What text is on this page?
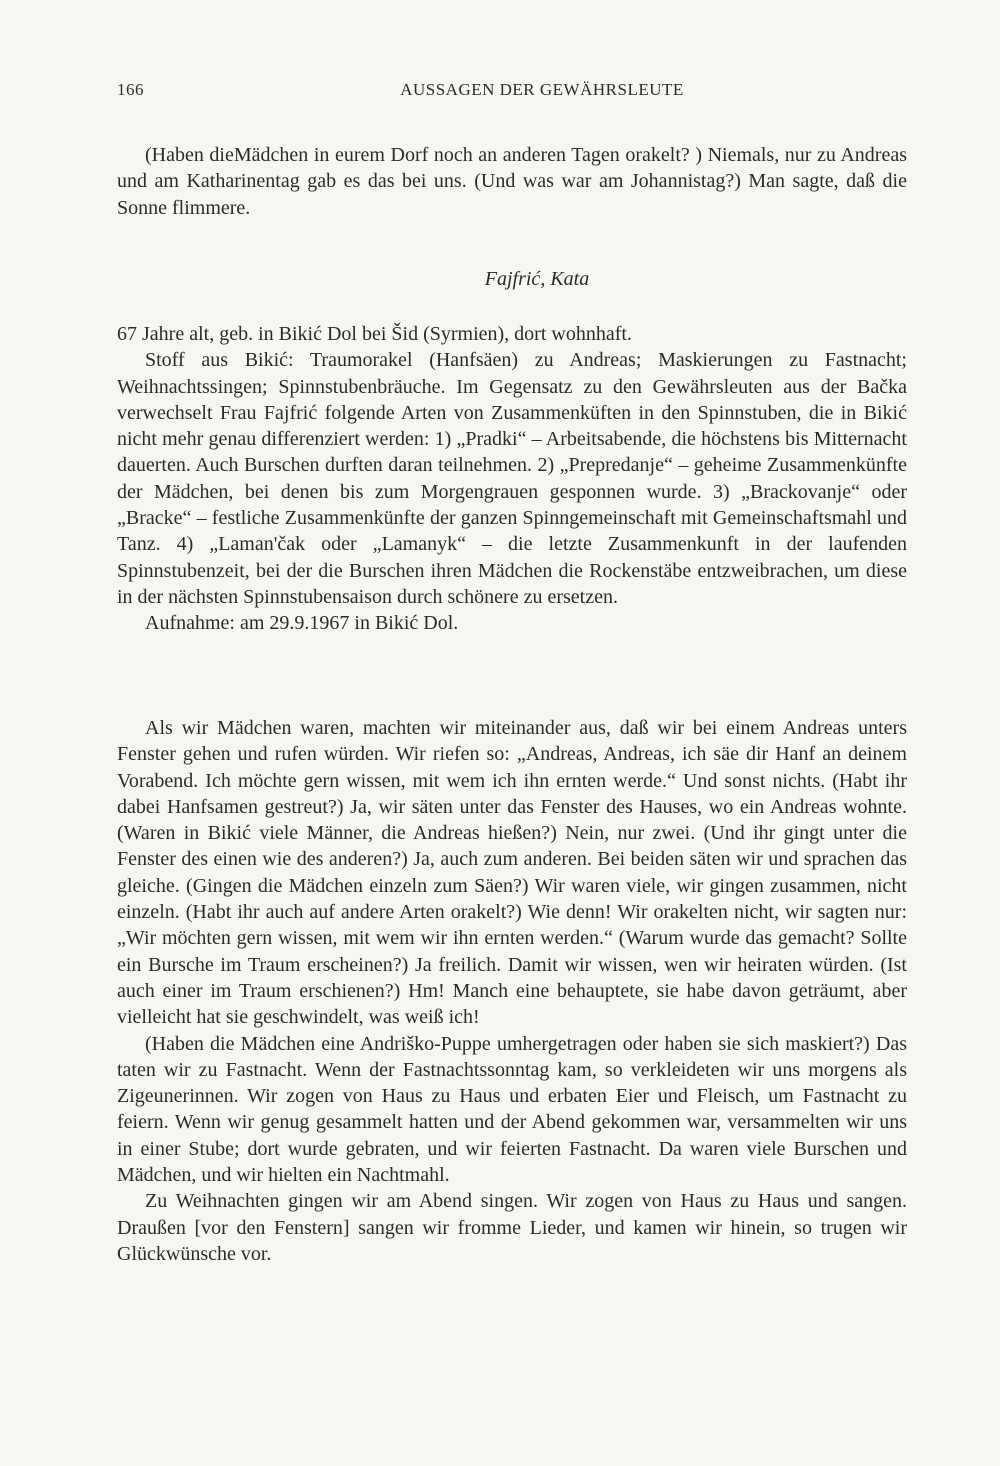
166	AUSSAGEN DER GEWÄHRSLEUTE

(Haben dieMädchen in eurem Dorf noch an anderen Tagen orakelt? ) Niemals, nur zu Andreas und am Katharinentag gab es das bei uns. (Und was war am Johannistag?) Man sagte, daß die Sonne flimmere.

Fajfrić, Kata

67 Jahre alt, geb. in Bikić Dol bei Šid (Syrmien), dort wohnhaft.

Stoff aus Bikić: Traumorakel (Hanfsäen) zu Andreas; Maskierungen zu Fastnacht; Weihnachtssingen; Spinnstubenbräuche. Im Gegensatz zu den Gewährsleuten aus der Bačka verwechselt Frau Fajfrić folgende Arten von Zusammenküften in den Spinnstuben, die in Bikić nicht mehr genau differenziert werden: 1) „Pradki“ – Arbeitsabende, die höchstens bis Mitternacht dauerten. Auch Burschen durften daran teilnehmen. 2) „Prepredanje“ – geheime Zusammenkünfte der Mädchen, bei denen bis zum Morgengrauen gesponnen wurde. 3) „Brackovanje“ oder „Bracke“ – festliche Zusammenkünfte der ganzen Spinngemeinschaft mit Gemeinschaftsmahl und Tanz. 4) „Laman'čak oder „Lamanyk“ – die letzte Zusammenkunft in der laufenden Spinnstubenzeit, bei der die Burschen ihren Mädchen die Rockenstäbe entzweibrachen, um diese in der nächsten Spinnstubensaison durch schönere zu ersetzen.

Aufnahme: am 29.9.1967 in Bikić Dol.

Als wir Mädchen waren, machten wir miteinander aus, daß wir bei einem Andreas unters Fenster gehen und rufen würden. Wir riefen so: „Andreas, Andreas, ich säe dir Hanf an deinem Vorabend. Ich möchte gern wissen, mit wem ich ihn ernten werde.“ Und sonst nichts. (Habt ihr dabei Hanfsamen gestreut?) Ja, wir säten unter das Fenster des Hauses, wo ein Andreas wohnte. (Waren in Bikić viele Männer, die Andreas hießen?) Nein, nur zwei. (Und ihr gingt unter die Fenster des einen wie des anderen?) Ja, auch zum anderen. Bei beiden säten wir und sprachen das gleiche. (Gingen die Mädchen einzeln zum Säen?) Wir waren viele, wir gingen zusammen, nicht einzeln. (Habt ihr auch auf andere Arten orakelt?) Wie denn! Wir orakelten nicht, wir sagten nur: „Wir möchten gern wissen, mit wem wir ihn ernten werden.“ (Warum wurde das gemacht? Sollte ein Bursche im Traum erscheinen?) Ja freilich. Damit wir wissen, wen wir heiraten würden. (Ist auch einer im Traum erschienen?) Hm! Manch eine behauptete, sie habe davon geträumt, aber vielleicht hat sie geschwindelt, was weiß ich!

(Haben die Mädchen eine Andriško-Puppe umhergetragen oder haben sie sich maskiert?) Das taten wir zu Fastnacht. Wenn der Fastnachtssonntag kam, so verkleideten wir uns morgens als Zigeunerinnen. Wir zogen von Haus zu Haus und erbaten Eier und Fleisch, um Fastnacht zu feiern. Wenn wir genug gesammelt hatten und der Abend gekommen war, versammelten wir uns in einer Stube; dort wurde gebraten, und wir feierten Fastnacht. Da waren viele Burschen und Mädchen, und wir hielten ein Nachtmahl.

Zu Weihnachten gingen wir am Abend singen. Wir zogen von Haus zu Haus und sangen. Draußen [vor den Fenstern] sangen wir fromme Lieder, und kamen wir hinein, so trugen wir Glückwünsche vor.
